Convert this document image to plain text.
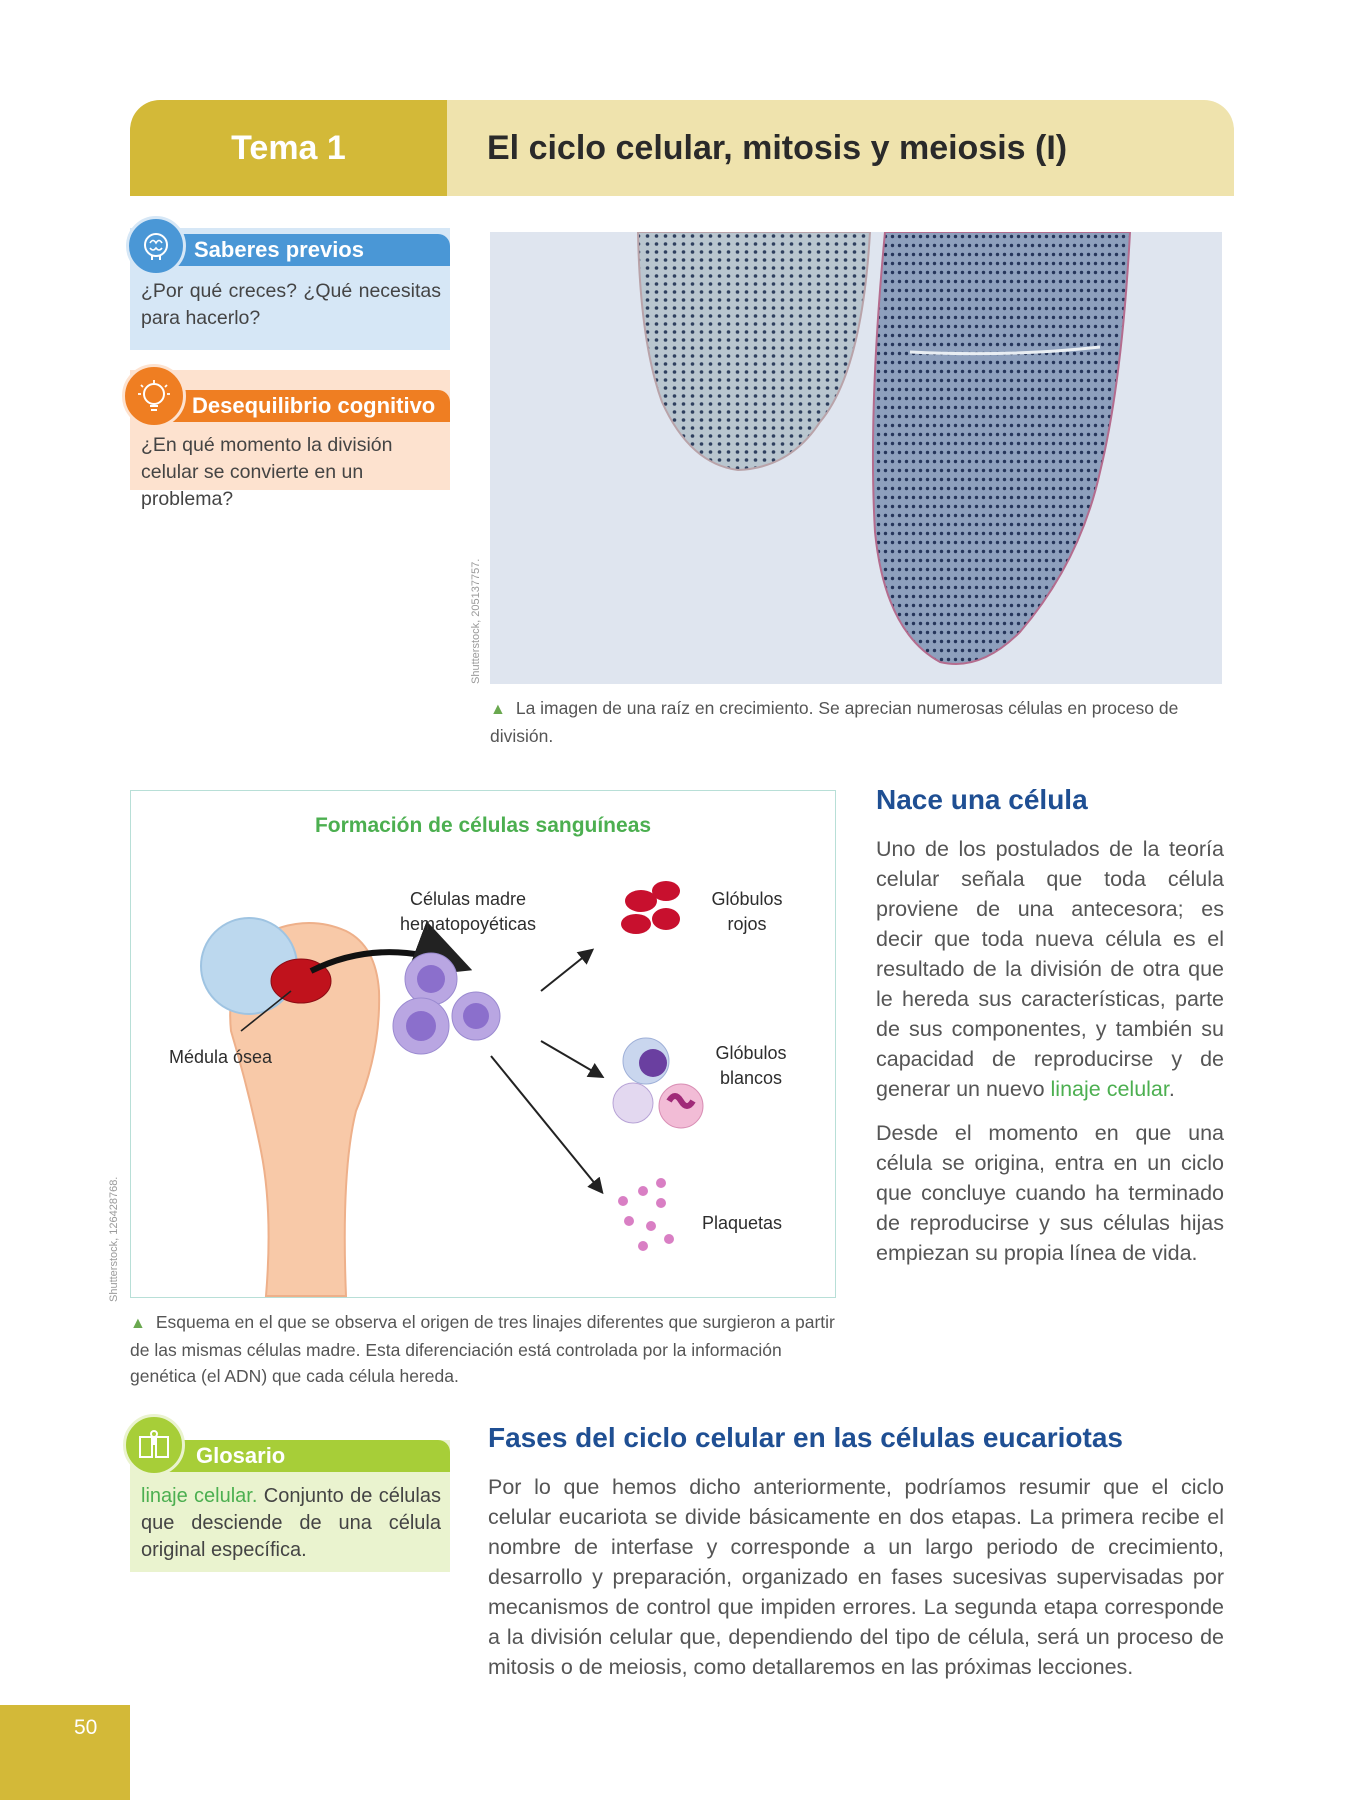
Tema 1	El ciclo celular, mitosis y meiosis (I)
Saberes previos
¿Por qué creces? ¿Qué necesitas para hacerlo?
Desequilibrio cognitivo
¿En qué momento la división celular se convierte en un problema?
Shutterstock, 205137757.
▲ La imagen de una raíz en crecimiento. Se aprecian numerosas células en proceso de división.
Formación de células sanguíneas
Células madre hematopoyéticas
Médula ósea
Glóbulos rojos
Glóbulos blancos
Plaquetas
Shutterstock, 126428768.
▲ Esquema en el que se observa el origen de tres linajes diferentes que surgieron a partir de las mismas células madre. Esta diferenciación está controlada por la información genética (el ADN) que cada célula hereda.
Nace una célula
Uno de los postulados de la teoría celular señala que toda célula proviene de una antecesora; es decir que toda nueva célula es el resultado de la división de otra que le hereda sus características, parte de sus componentes, y también su capacidad de reproducirse y de generar un nuevo linaje celular.
Desde el momento en que una célula se origina, entra en un ciclo que concluye cuando ha terminado de reproducirse y sus células hijas empiezan su propia línea de vida.
Glosario
linaje celular. Conjunto de células que desciende de una célula original específica.
Fases del ciclo celular en las células eucariotas
Por lo que hemos dicho anteriormente, podríamos resumir que el ciclo celular eucariota se divide básicamente en dos etapas. La primera recibe el nombre de interfase y corresponde a un largo periodo de crecimiento, desarrollo y preparación, organizado en fases sucesivas supervisadas por mecanismos de control que impiden errores. La segunda etapa corresponde a la división celular que, dependiendo del tipo de célula, será un proceso de mitosis o de meiosis, como detallaremos en las próximas lecciones.
50
